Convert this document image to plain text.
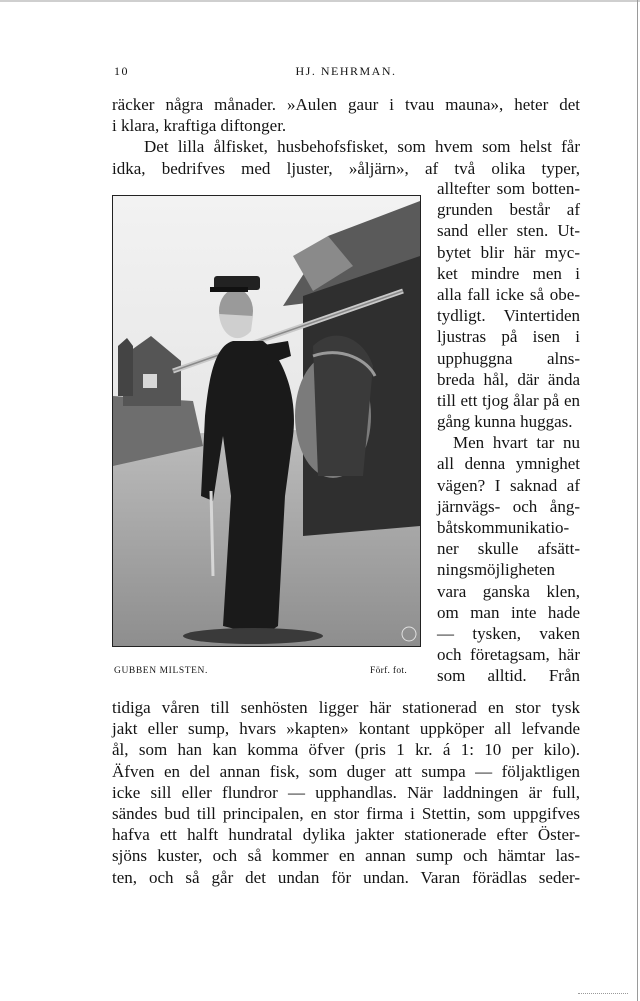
10	HJ. NEHRMAN.
räcker några månader. »Aulen gaur i tvau mauna», heter det
i klara, kraftiga diftonger.
Det lilla ålfisket, husbehofsfisket, som hvem som helst får
idka, bedrifves med ljuster, »åljärn», af två olika typer,
alltefter som botten-
grunden består af
sand eller sten. Ut-
bytet blir här myc-
ket mindre men i
alla fall icke så obe-
tydligt. Vintertiden
ljustras på isen i
upphuggna alns-
breda hål, där ända
till ett tjog ålar på en
gång kunna huggas.
Men hvart tar nu
all denna ymnighet
vägen? I saknad af
järnvägs- och ång-
båtskommunikatio-
ner skulle afsätt-
ningsmöjligheten
vara ganska klen,
om man inte hade
— tysken, vaken
och företagsam, här
som alltid. Från
GUBBEN MILSTEN.	Förf. fot.
tidiga våren till senhösten ligger här stationerad en stor tysk
jakt eller sump, hvars »kapten» kontant uppköper all lefvande
ål, som han kan komma öfver (pris 1 kr. á 1: 10 per kilo).
Äfven en del annan fisk, som duger att sumpa — följaktligen
icke sill eller flundror — upphandlas. När laddningen är full,
sändes bud till principalen, en stor firma i Stettin, som uppgifves
hafva ett halft hundratal dylika jakter stationerade efter Öster-
sjöns kuster, och så kommer en annan sump och hämtar las-
ten, och så går det undan för undan. Varan förädlas seder-
